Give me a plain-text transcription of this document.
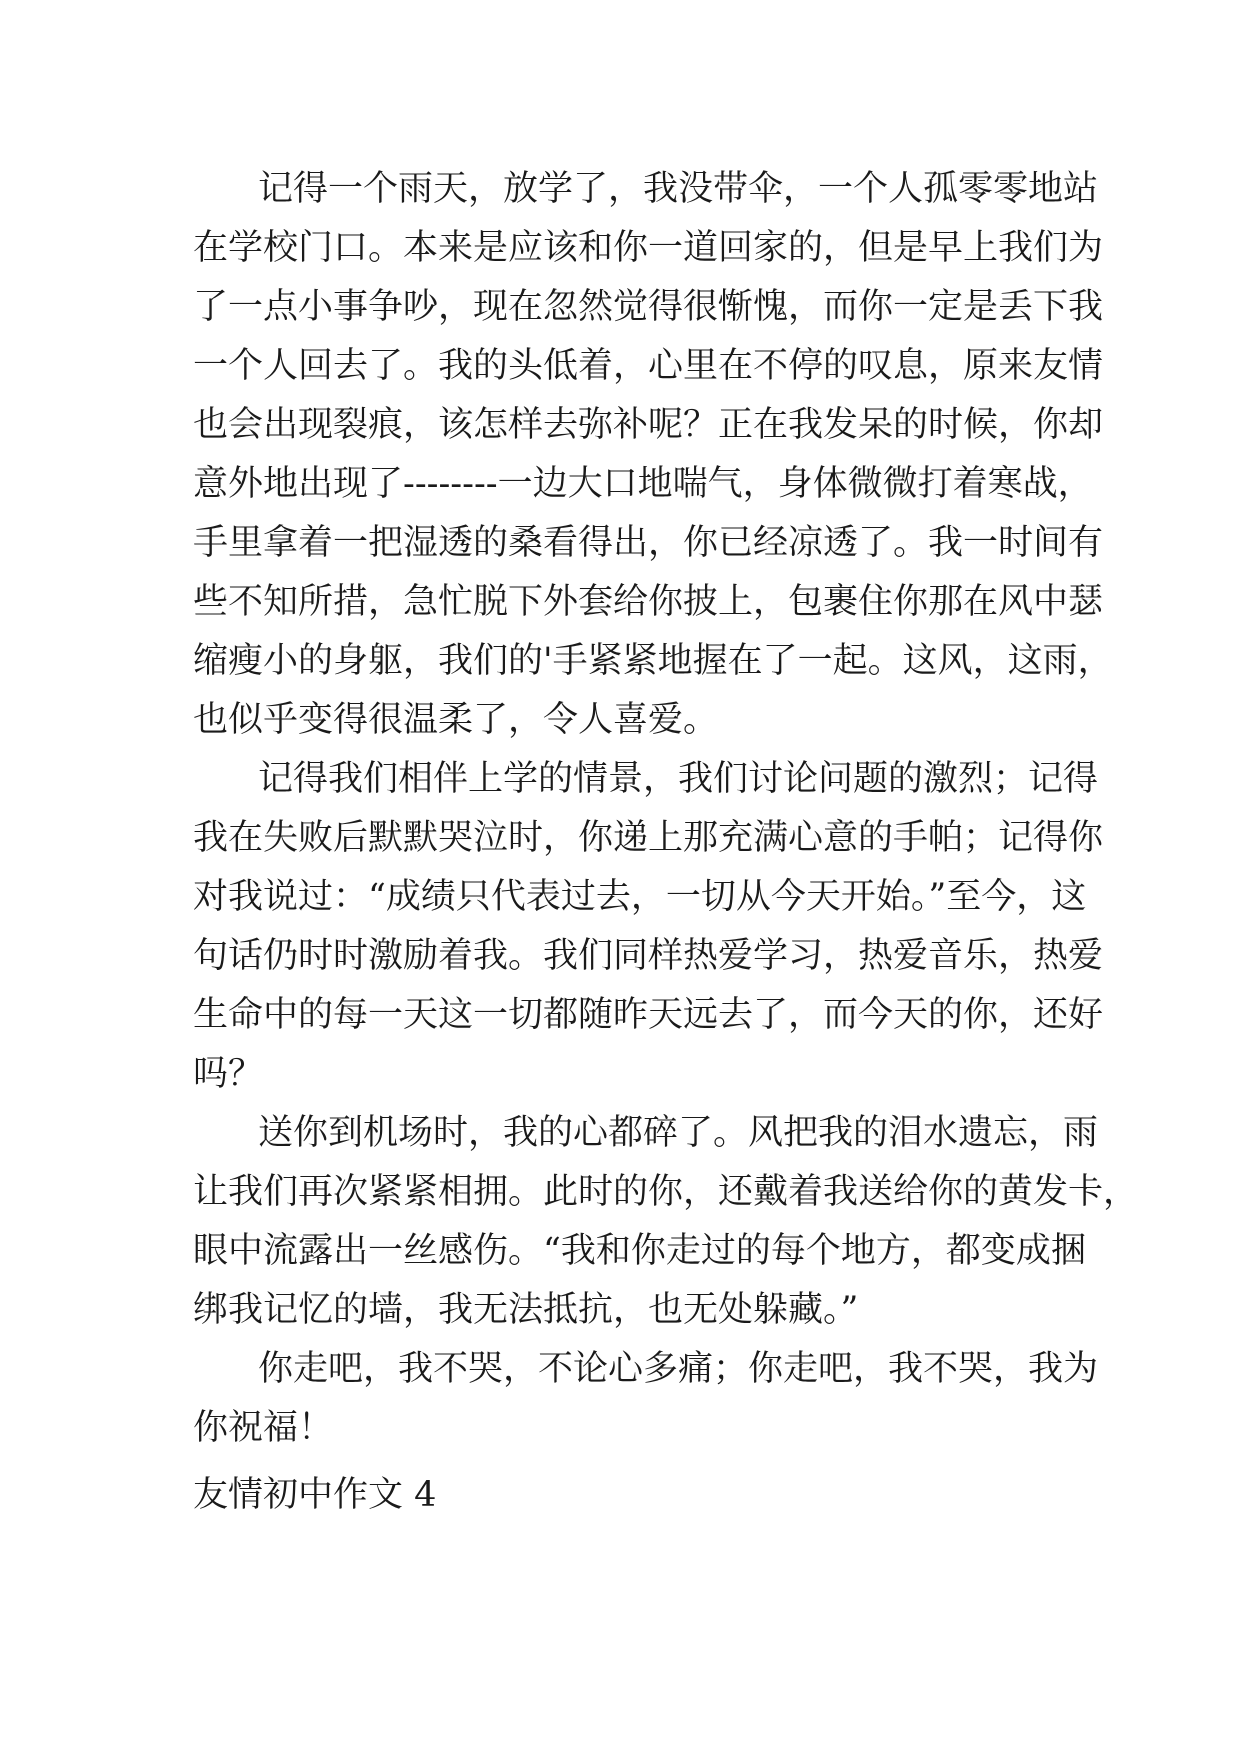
记得一个雨天，放学了，我没带伞，一个人孤零零地站
在学校门口。本来是应该和你一道回家的，但是早上我们为
了一点小事争吵，现在忽然觉得很惭愧，而你一定是丢下我
一个人回去了。我的头低着，心里在不停的叹息，原来友情
也会出现裂痕，该怎样去弥补呢？正在我发呆的时候，你却
意外地出现了--------一边大口地喘气，身体微微打着寒战，
手里拿着一把湿透的桑看得出，你已经凉透了。我一时间有
些不知所措，急忙脱下外套给你披上，包裹住你那在风中瑟
缩瘦小的身躯，我们的'手紧紧地握在了一起。这风，这雨，
也似乎变得很温柔了，令人喜爱。
记得我们相伴上学的情景，我们讨论问题的激烈；记得
我在失败后默默哭泣时，你递上那充满心意的手帕；记得你
对我说过：“成绩只代表过去，一切从今天开始。”至今，这
句话仍时时激励着我。我们同样热爱学习，热爱音乐，热爱
生命中的每一天这一切都随昨天远去了，而今天的你，还好
吗？
送你到机场时，我的心都碎了。风把我的泪水遗忘，雨
让我们再次紧紧相拥。此时的你，还戴着我送给你的黄发卡，
眼中流露出一丝感伤。“我和你走过的每个地方，都变成捆
绑我记忆的墙，我无法抵抗，也无处躲藏。”
你走吧，我不哭，不论心多痛；你走吧，我不哭，我为
你祝福！
友情初中作文 4
